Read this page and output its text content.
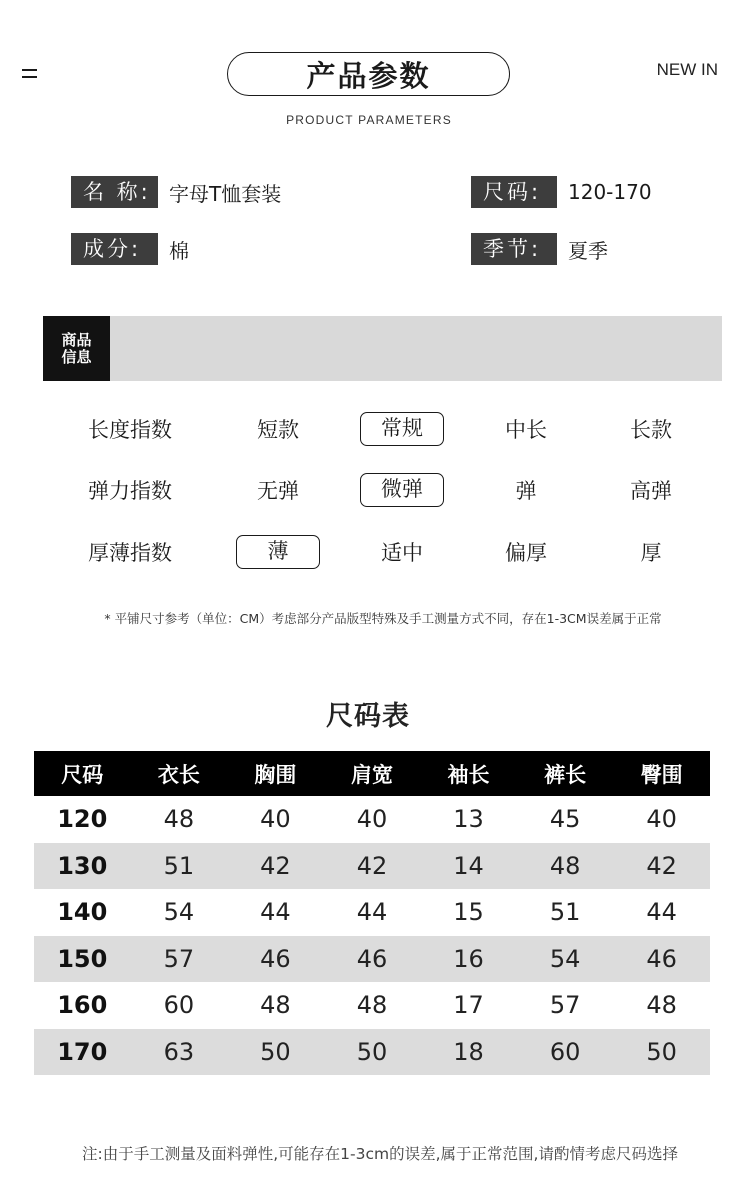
产品参数	NEW IN
PRODUCT PARAMETERS
名 称: 字母T恤套装	尺码:	120-170
成分:	棉	季节:	夏季
商品
信息
长度指数	短款	常规	中长	长款
弹力指数	无弹	微弹	弹	高弹
厚薄指数	薄	适中	偏厚	厚
* 平铺尺寸参考（单位：CM）考虑部分产品版型特殊及手工测量方式不同，存在1-3CM误差属于正常
尺码表
尺码	衣长	胸围	肩宽	袖长	裤长	臀围
120	48	40	40	13	45	40
130	51	42	42	14	48	42
140	54	44	44	15	51	44
150	57	46	46	16	54	46
160	60	48	48	17	57	48
170	63	50	50	18	60	50
注:由于手工测量及面料弹性,可能存在1-3cm的误差,属于正常范围,请酌情考虑尺码选择
